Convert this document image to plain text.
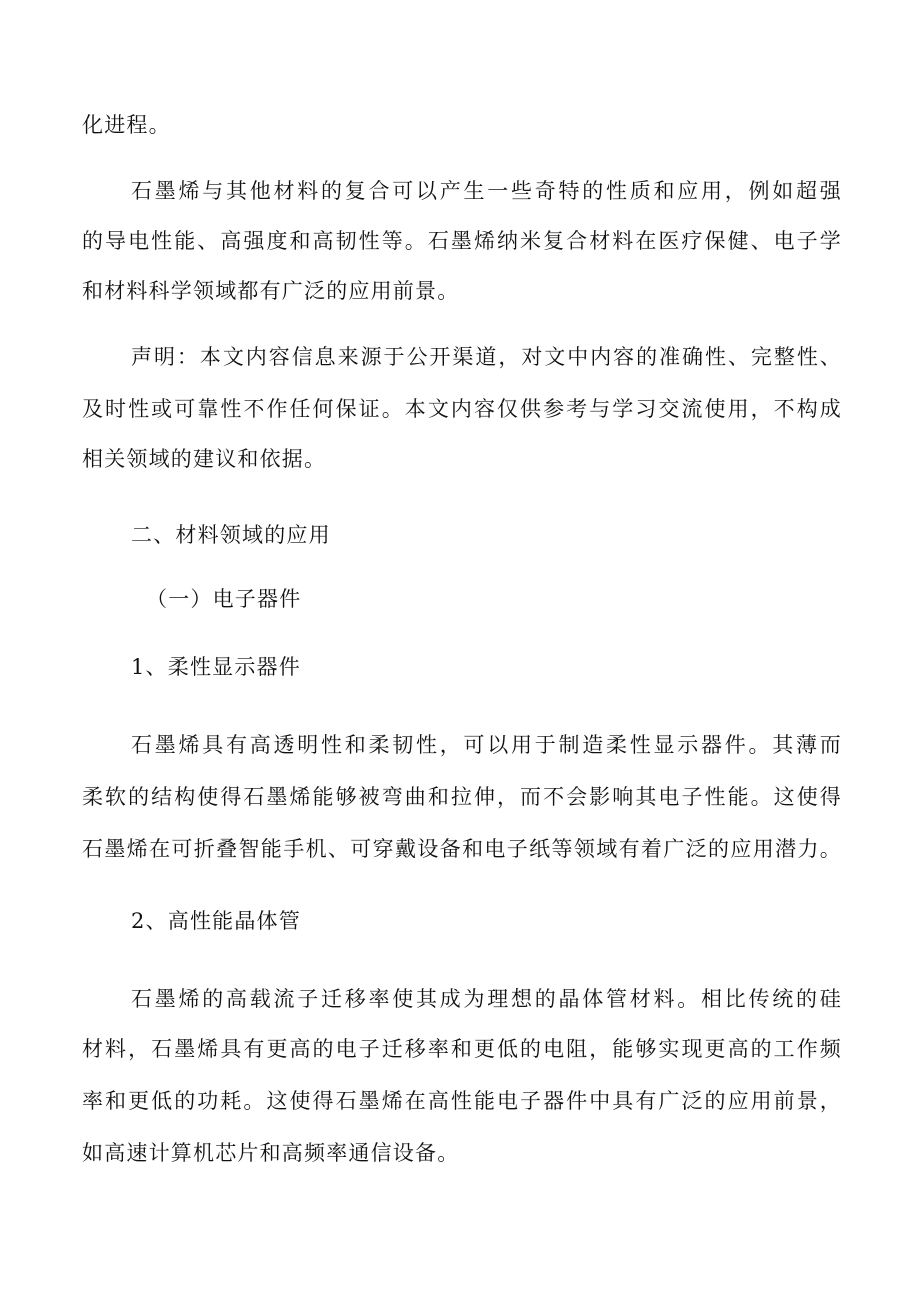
化进程。
石墨烯与其他材料的复合可以产生一些奇特的性质和应用，例如超强
的导电性能、高强度和高韧性等。石墨烯纳米复合材料在医疗保健、电子学
和材料科学领域都有广泛的应用前景。
声明：本文内容信息来源于公开渠道，对文中内容的准确性、完整性、
及时性或可靠性不作任何保证。本文内容仅供参考与学习交流使用，不构成
相关领域的建议和依据。
二、材料领域的应用
（一）电子器件
1、柔性显示器件
石墨烯具有高透明性和柔韧性，可以用于制造柔性显示器件。其薄而
柔软的结构使得石墨烯能够被弯曲和拉伸，而不会影响其电子性能。这使得
石墨烯在可折叠智能手机、可穿戴设备和电子纸等领域有着广泛的应用潜力。
2、高性能晶体管
石墨烯的高载流子迁移率使其成为理想的晶体管材料。相比传统的硅
材料，石墨烯具有更高的电子迁移率和更低的电阻，能够实现更高的工作频
率和更低的功耗。这使得石墨烯在高性能电子器件中具有广泛的应用前景，
如高速计算机芯片和高频率通信设备。
